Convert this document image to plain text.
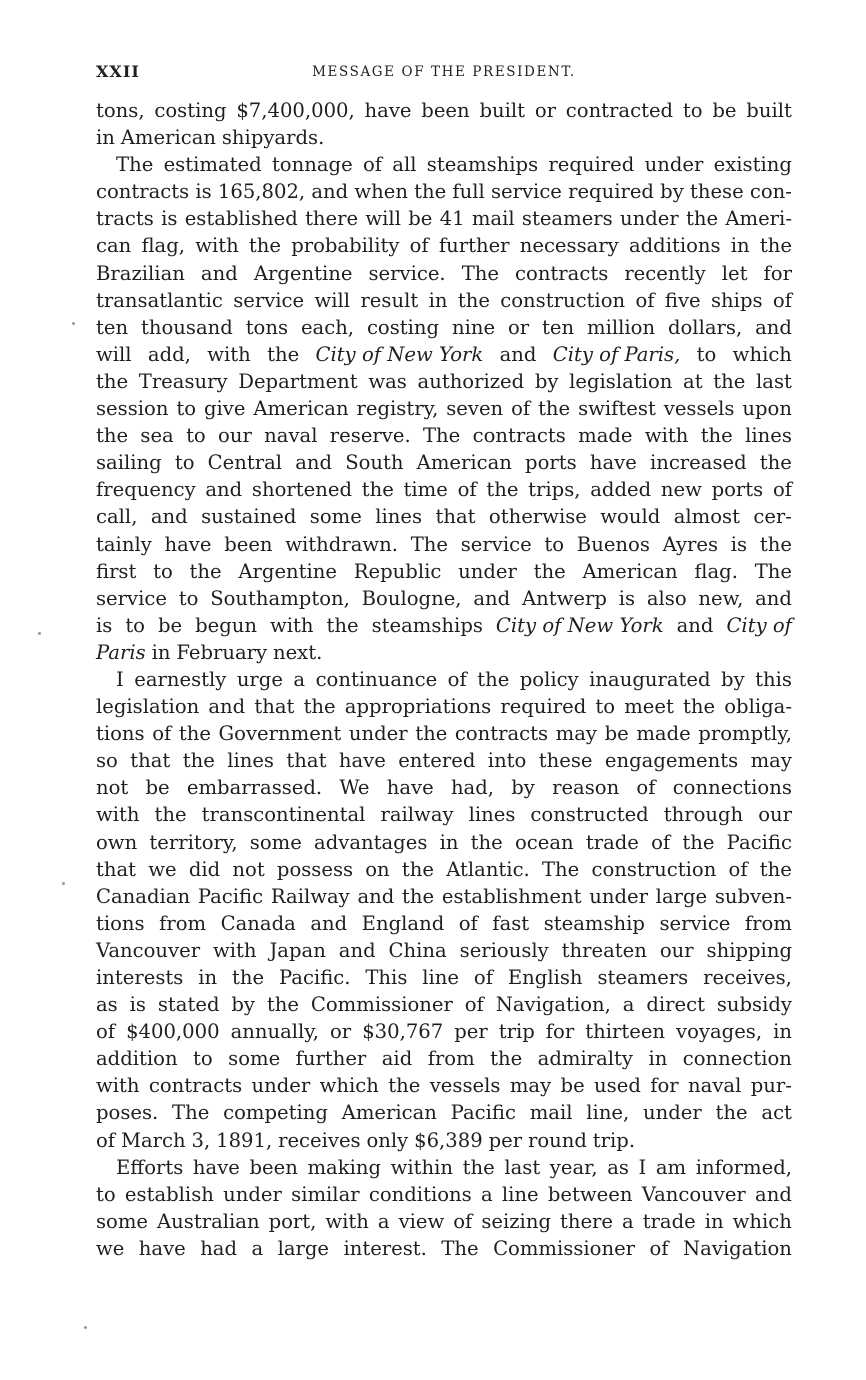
XXII	MESSAGE OF THE PRESIDENT.
tons, costing $7,400,000, have been built or contracted to be built
in American shipyards.
The estimated tonnage of all steamships required under existing
contracts is 165,802, and when the full service required by these con-
tracts is established there will be 41 mail steamers under the Ameri-
can flag, with the probability of further necessary additions in the
Brazilian and Argentine service. The contracts recently let for
transatlantic service will result in the construction of five ships of
ten thousand tons each, costing nine or ten million dollars, and
will add, with the City of New York and City of Paris, to which
the Treasury Department was authorized by legislation at the last
session to give American registry, seven of the swiftest vessels upon
the sea to our naval reserve. The contracts made with the lines
sailing to Central and South American ports have increased the
frequency and shortened the time of the trips, added new ports of
call, and sustained some lines that otherwise would almost cer-
tainly have been withdrawn. The service to Buenos Ayres is the
first to the Argentine Republic under the American flag. The
service to Southampton, Boulogne, and Antwerp is also new, and
is to be begun with the steamships City of New York and City of
Paris in February next.
I earnestly urge a continuance of the policy inaugurated by this
legislation and that the appropriations required to meet the obliga-
tions of the Government under the contracts may be made promptly,
so that the lines that have entered into these engagements may
not be embarrassed. We have had, by reason of connections
with the transcontinental railway lines constructed through our
own territory, some advantages in the ocean trade of the Pacific
that we did not possess on the Atlantic. The construction of the
Canadian Pacific Railway and the establishment under large subven-
tions from Canada and England of fast steamship service from
Vancouver with Japan and China seriously threaten our shipping
interests in the Pacific. This line of English steamers receives,
as is stated by the Commissioner of Navigation, a direct subsidy
of $400,000 annually, or $30,767 per trip for thirteen voyages, in
addition to some further aid from the admiralty in connection
with contracts under which the vessels may be used for naval pur-
poses. The competing American Pacific mail line, under the act
of March 3, 1891, receives only $6,389 per round trip.
Efforts have been making within the last year, as I am informed,
to establish under similar conditions a line between Vancouver and
some Australian port, with a view of seizing there a trade in which
we have had a large interest. The Commissioner of Navigation
